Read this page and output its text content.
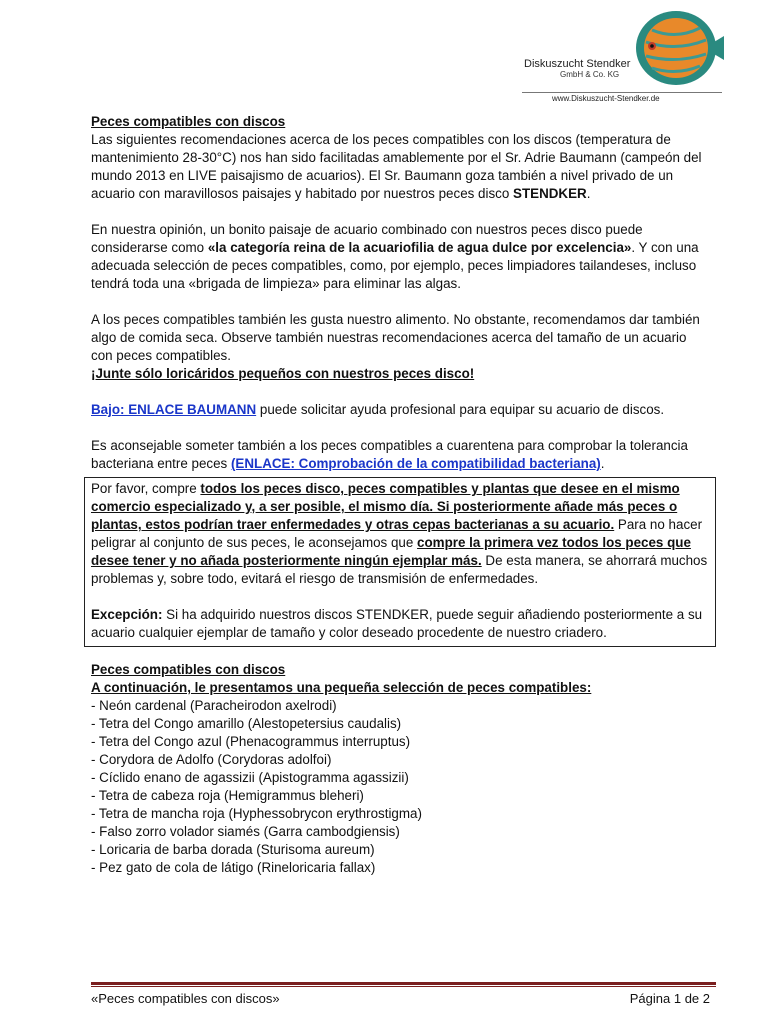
Diskuszucht Stendker
GmbH & Co. KG
www.Diskuszucht-Stendker.de

Peces compatibles con discos

Las siguientes recomendaciones acerca de los peces compatibles con los discos (temperatura de mantenimiento 28-30°C) nos han sido facilitadas amablemente por el Sr. Adrie Baumann (campeón del mundo 2013 en LIVE paisajismo de acuarios). El Sr. Baumann goza también a nivel privado de un acuario con maravillosos paisajes y habitado por nuestros peces disco STENDKER.

En nuestra opinión, un bonito paisaje de acuario combinado con nuestros peces disco puede considerarse como «la categoría reina de la acuariofilia de agua dulce por excelencia». Y con una adecuada selección de peces compatibles, como, por ejemplo, peces limpiadores tailandeses, incluso tendrá toda una «brigada de limpieza» para eliminar las algas.

A los peces compatibles también les gusta nuestro alimento. No obstante, recomendamos dar también algo de comida seca. Observe también nuestras recomendaciones acerca del tamaño de un acuario con peces compatibles.

¡Junte sólo loricáridos pequeños con nuestros peces disco!

Bajo: ENLACE BAUMANN puede solicitar ayuda profesional para equipar su acuario de discos.

Es aconsejable someter también a los peces compatibles a cuarentena para comprobar la tolerancia bacteriana entre peces (ENLACE: Comprobación de la compatibilidad bacteriana).

Por favor, compre todos los peces disco, peces compatibles y plantas que desee en el mismo comercio especializado y, a ser posible, el mismo día. Si posteriormente añade más peces o plantas, estos podrían traer enfermedades y otras cepas bacterianas a su acuario. Para no hacer peligrar al conjunto de sus peces, le aconsejamos que compre la primera vez todos los peces que desee tener y no añada posteriormente ningún ejemplar más. De esta manera, se ahorrará muchos problemas y, sobre todo, evitará el riesgo de transmisión de enfermedades.

Excepción: Si ha adquirido nuestros discos STENDKER, puede seguir añadiendo posteriormente a su acuario cualquier ejemplar de tamaño y color deseado procedente de nuestro criadero.

Peces compatibles con discos

A continuación, le presentamos una pequeña selección de peces compatibles:

- Neón cardenal (Paracheirodon axelrodi)
- Tetra del Congo amarillo (Alestopetersius caudalis)
- Tetra del Congo azul (Phenacogrammus interruptus)
- Corydora de Adolfo (Corydoras adolfoi)
- Cíclido enano de agassizii (Apistogramma agassizii)
- Tetra de cabeza roja (Hemigrammus bleheri)
- Tetra de mancha roja (Hyphessobrycon erythrostigma)
- Falso zorro volador siamés (Garra cambodgiensis)
- Loricaria de barba dorada (Sturisoma aureum)
- Pez gato de cola de látigo (Rineloricaria fallax)
«Peces compatibles con discos»	Página 1 de 2
